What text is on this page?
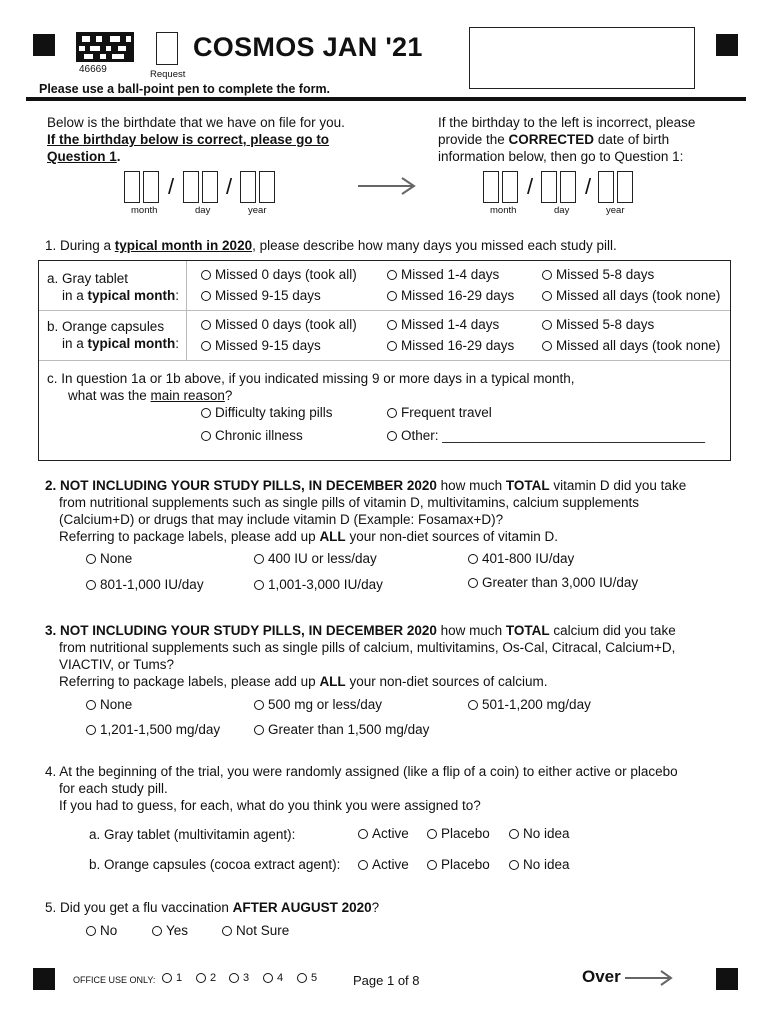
46669	Request
COSMOS JAN '21
Please use a ball-point pen to complete the form.
Below is the birthdate that we have on file for you.
If the birthday below is correct, please go to
Question 1.
If the birthday to the left is incorrect, please
provide the CORRECTED date of birth
information below, then go to Question 1:
/ /
month	day	year
/ /
month	day	year
1. During a typical month in 2020, please describe how many days you missed each study pill.
a. Gray tablet
in a typical month:
Missed 0 days (took all)	Missed 1-4 days	Missed 5-8 days
Missed 9-15 days	Missed 16-29 days	Missed all days (took none)
b. Orange capsules
in a typical month:
Missed 0 days (took all)	Missed 1-4 days	Missed 5-8 days
Missed 9-15 days	Missed 16-29 days	Missed all days (took none)
c. In question 1a or 1b above, if you indicated missing 9 or more days in a typical month,
what was the main reason?
Difficulty taking pills	Frequent travel
Chronic illness	Other: ___________________________________
2. NOT INCLUDING YOUR STUDY PILLS, IN DECEMBER 2020 how much TOTAL vitamin D did you take
from nutritional supplements such as single pills of vitamin D, multivitamins, calcium supplements
(Calcium+D) or drugs that may include vitamin D (Example: Fosamax+D)?
Referring to package labels, please add up ALL your non-diet sources of vitamin D.
None	400 IU or less/day	401-800 IU/day
801-1,000 IU/day	1,001-3,000 IU/day	Greater than 3,000 IU/day
3. NOT INCLUDING YOUR STUDY PILLS, IN DECEMBER 2020 how much TOTAL calcium did you take
from nutritional supplements such as single pills of calcium, multivitamins, Os-Cal, Citracal, Calcium+D,
VIACTIV, or Tums?
Referring to package labels, please add up ALL your non-diet sources of calcium.
None	500 mg or less/day	501-1,200 mg/day
1,201-1,500 mg/day	Greater than 1,500 mg/day
4. At the beginning of the trial, you were randomly assigned (like a flip of a coin) to either active or placebo
for each study pill.
If you had to guess, for each, what do you think you were assigned to?
a. Gray tablet (multivitamin agent):	Active Placebo No idea
b. Orange capsules (cocoa extract agent): Active Placebo No idea
5. Did you get a flu vaccination AFTER AUGUST 2020?
No	Yes	Not Sure
OFFICE USE ONLY: 1	2 3	4	5	Page 1 of 8	Over
